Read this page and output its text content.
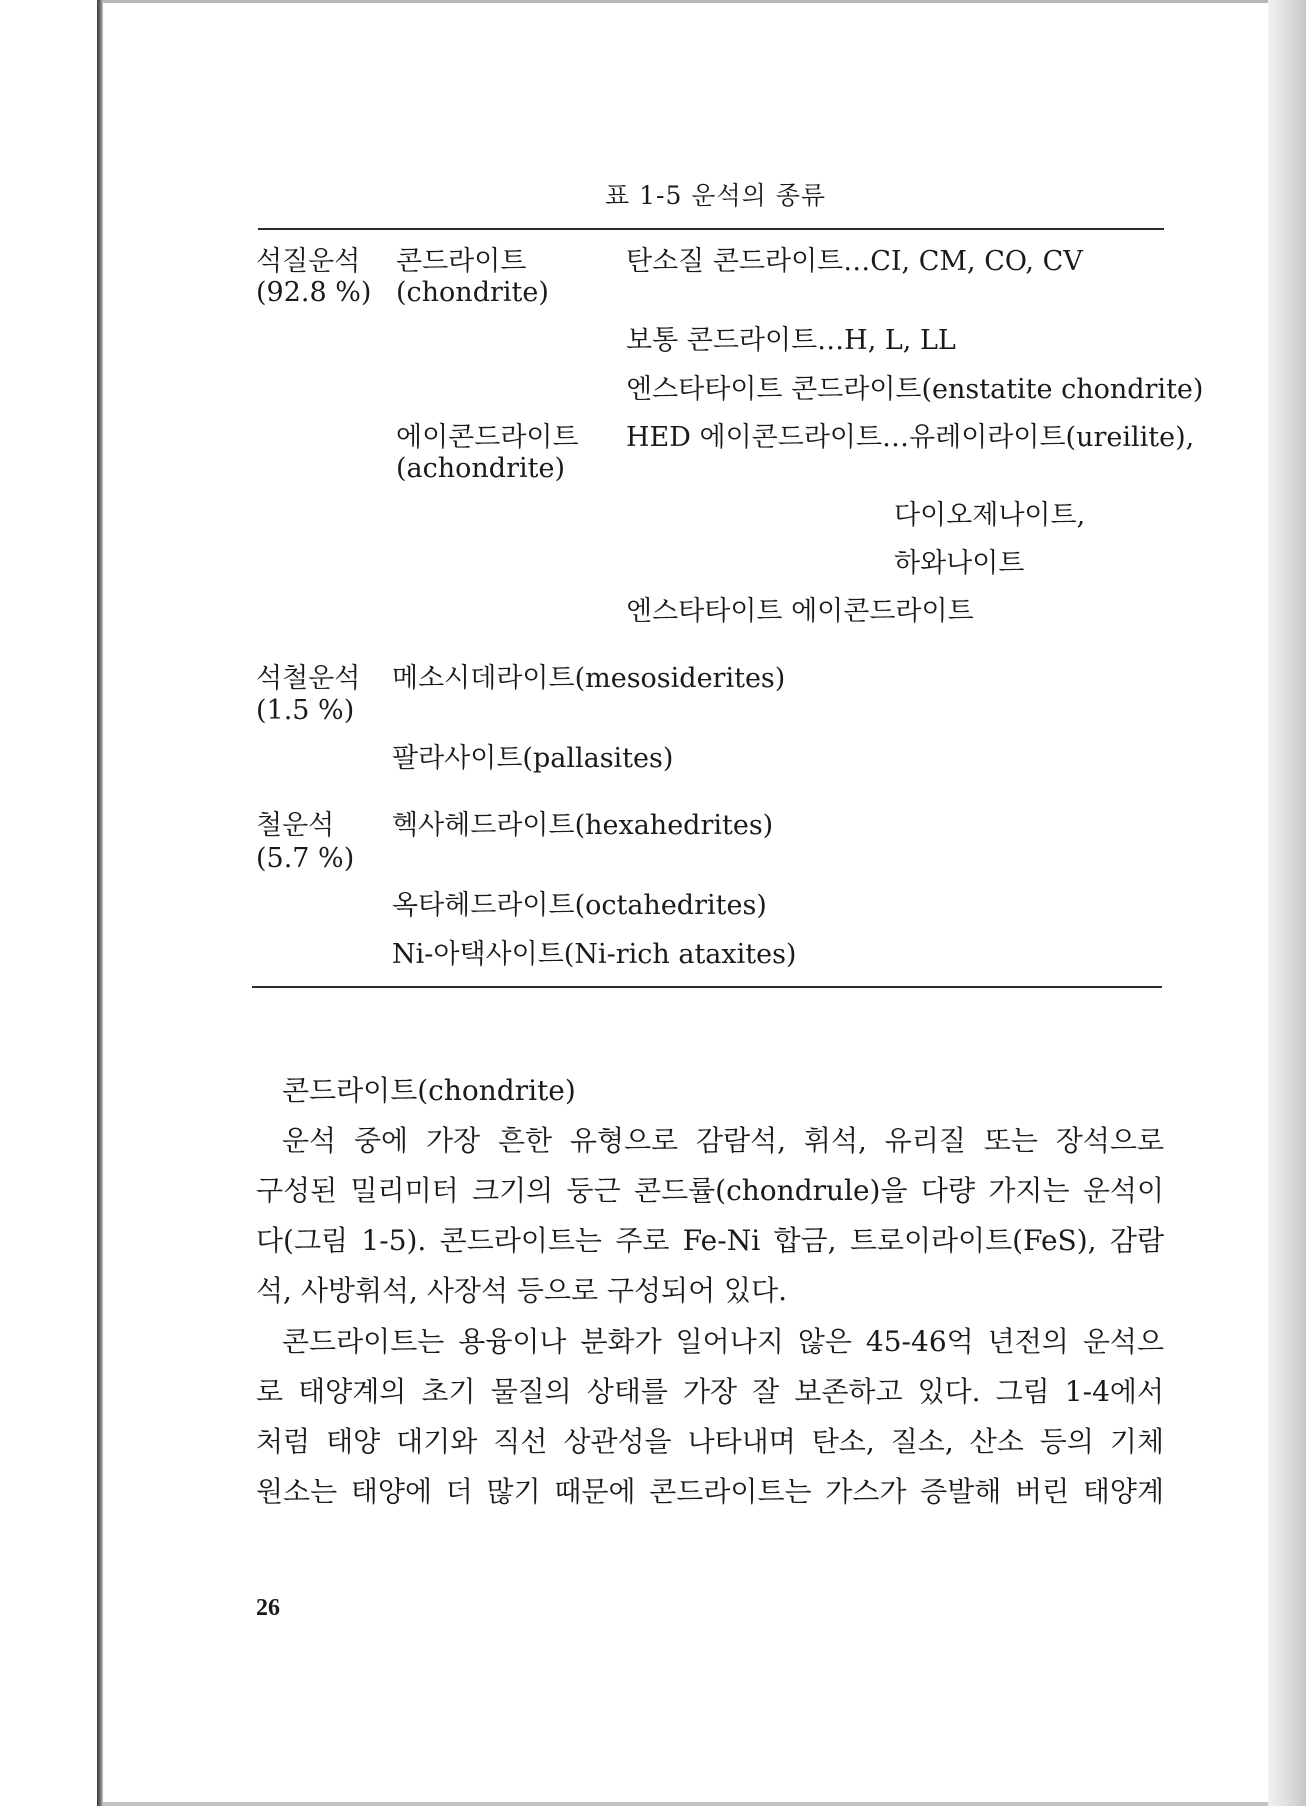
표 1-5 운석의 종류
석질운석
(92.8 %)
콘드라이트
(chondrite)
탄소질 콘드라이트…CI, CM, CO, CV
보통 콘드라이트…H, L, LL
엔스타타이트 콘드라이트(enstatite chondrite)
에이콘드라이트
(achondrite)
HED 에이콘드라이트…유레이라이트(ureilite),
다이오제나이트,
하와나이트
엔스타타이트 에이콘드라이트
석철운석
(1.5 %)
메소시데라이트(mesosiderites)
팔라사이트(pallasites)
철운석
(5.7 %)
헥사헤드라이트(hexahedrites)
옥타헤드라이트(octahedrites)
Ni-아택사이트(Ni-rich ataxites)
콘드라이트(chondrite)
운석 중에 가장 흔한 유형으로 감람석, 휘석, 유리질 또는 장석으로
구성된 밀리미터 크기의 둥근 콘드률(chondrule)을 다량 가지는 운석이
다(그림 1-5). 콘드라이트는 주로 Fe-Ni 합금, 트로이라이트(FeS), 감람
석, 사방휘석, 사장석 등으로 구성되어 있다.
콘드라이트는 용융이나 분화가 일어나지 않은 45-46억 년전의 운석으
로 태양계의 초기 물질의 상태를 가장 잘 보존하고 있다. 그림 1-4에서
처럼 태양 대기와 직선 상관성을 나타내며 탄소, 질소, 산소 등의 기체
원소는 태양에 더 많기 때문에 콘드라이트는 가스가 증발해 버린 태양계
26
